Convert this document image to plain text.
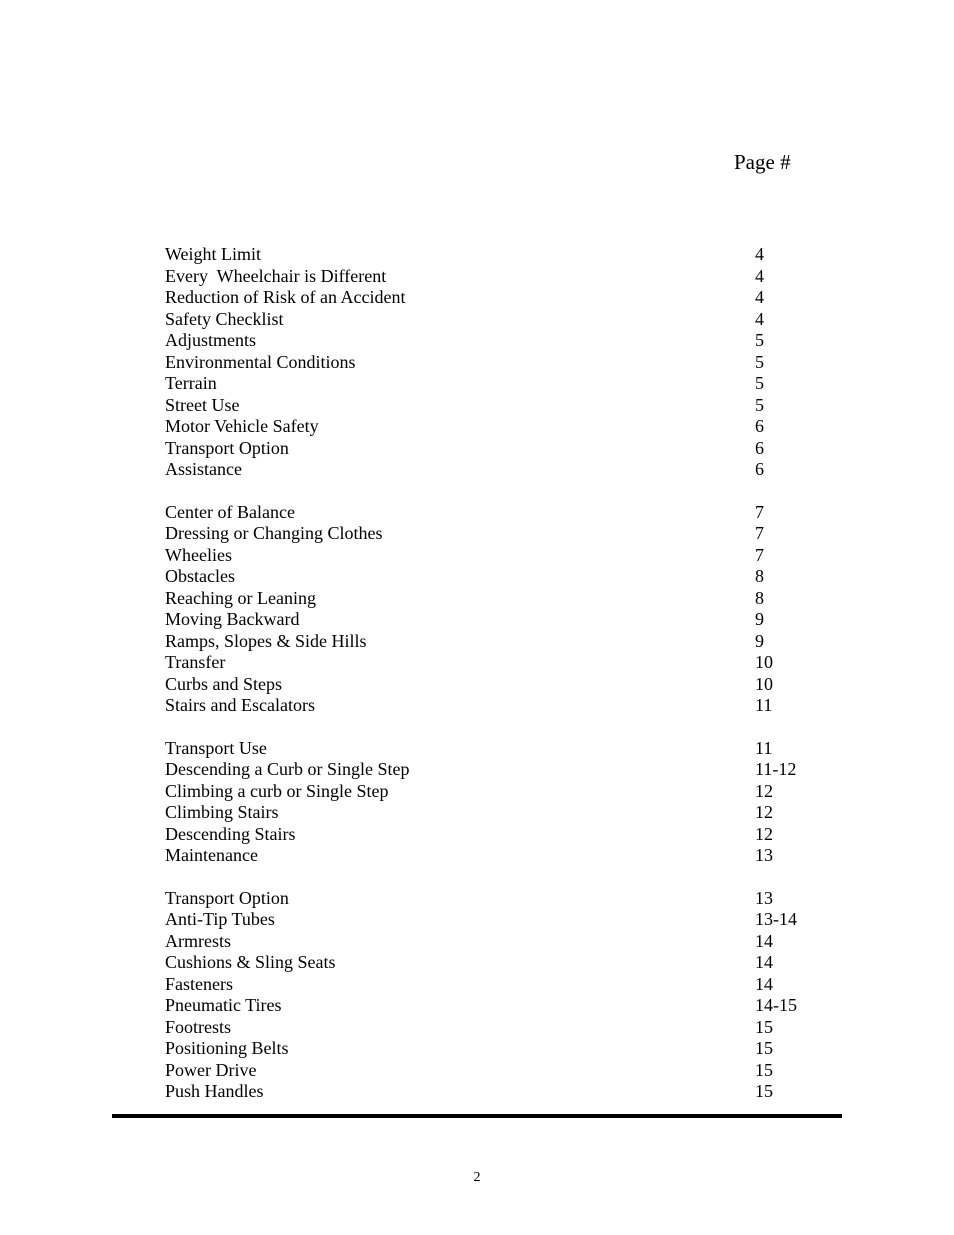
Page #
Weight Limit	4
Every  Wheelchair is Different	4
Reduction of Risk of an Accident	4
Safety Checklist	4
Adjustments	5
Environmental Conditions	5
Terrain	5
Street Use	5
Motor Vehicle Safety	6
Transport Option	6
Assistance	6
Center of Balance	7
Dressing or Changing Clothes	7
Wheelies	7
Obstacles	8
Reaching or Leaning	8
Moving Backward	9
Ramps, Slopes & Side Hills	9
Transfer	10
Curbs and Steps	10
Stairs and Escalators	11
Transport Use	11
Descending a Curb or Single Step	11-12
Climbing a curb or Single Step	12
Climbing Stairs	12
Descending Stairs	12
Maintenance	13
Transport Option	13
Anti-Tip Tubes	13-14
Armrests	14
Cushions & Sling Seats	14
Fasteners	14
Pneumatic Tires	14-15
Footrests	15
Positioning Belts	15
Power Drive	15
Push Handles	15
2
